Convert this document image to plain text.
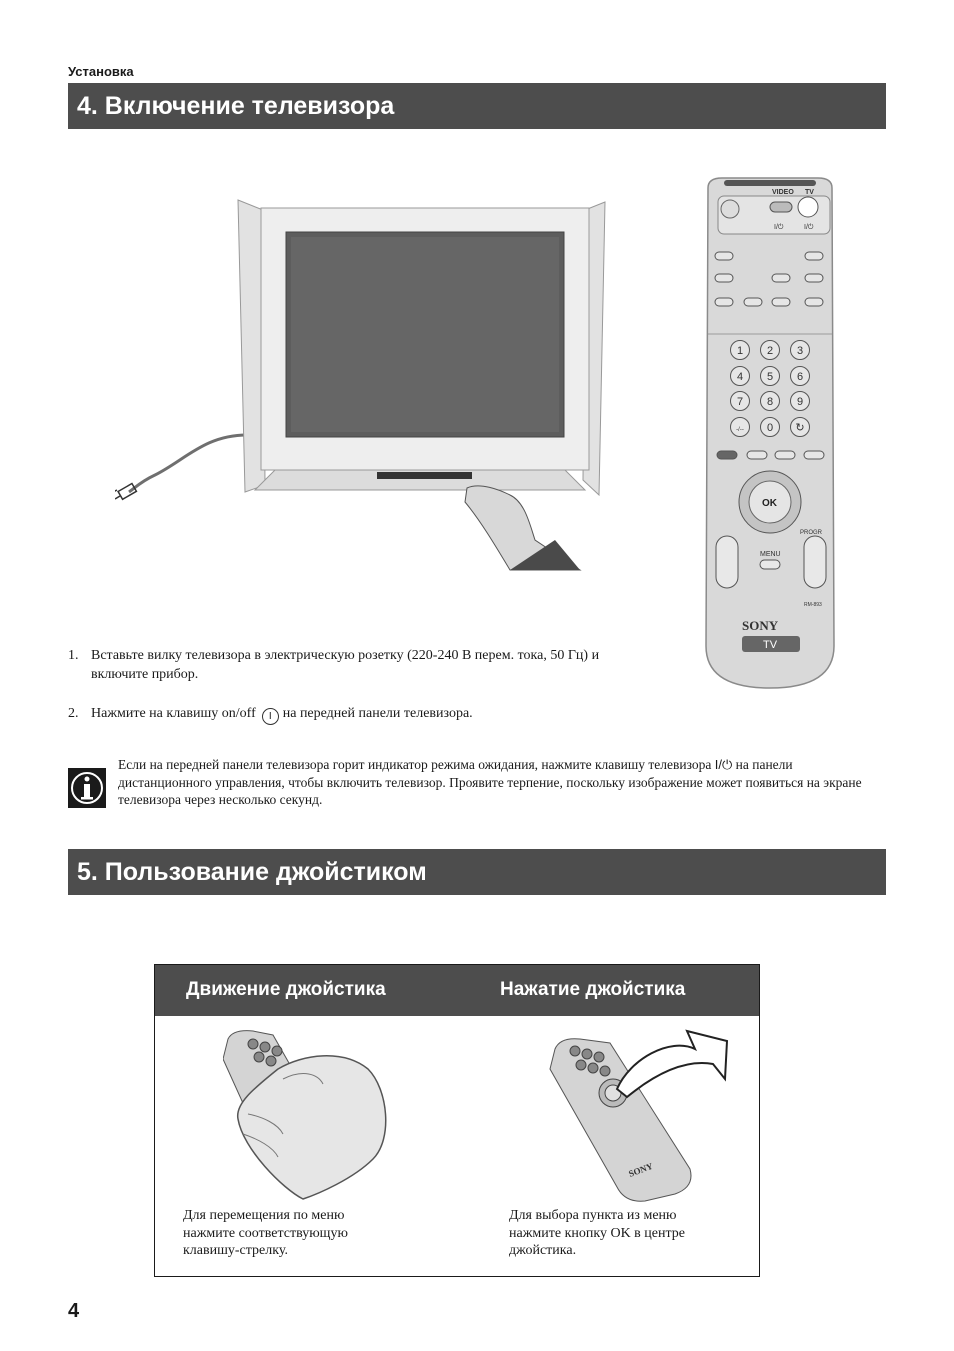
Установка
4. Включение телевизора
VIDEO TV
I/⏻	I/⏻
1 2 3
4 5 6
7 8 9
-/-- 0 ↻
OK
PROGR
MENU
RM-893
SONY
TV
1. Вставьте вилку телевизора в электрическую розетку (220-240 В перем. тока, 50 Гц) и включите прибор.
2. Нажмите на клавишу on/off I на передней панели телевизора.
Если на передней панели телевизора горит индикатор режима ожидания, нажмите клавишу телевизора I/⏻ на панели дистанционного управления, чтобы включить телевизор. Проявите терпение, поскольку изображение может появиться на экране телевизора через несколько секунд.
5. Пользование джойстиком
Движение джойстика	Нажатие джойстика
SONY
Для перемещения по меню нажмите соответствующую клавишу-стрелку.
Для выбора пункта из меню нажмите кнопку OK в центре джойстика.
4
